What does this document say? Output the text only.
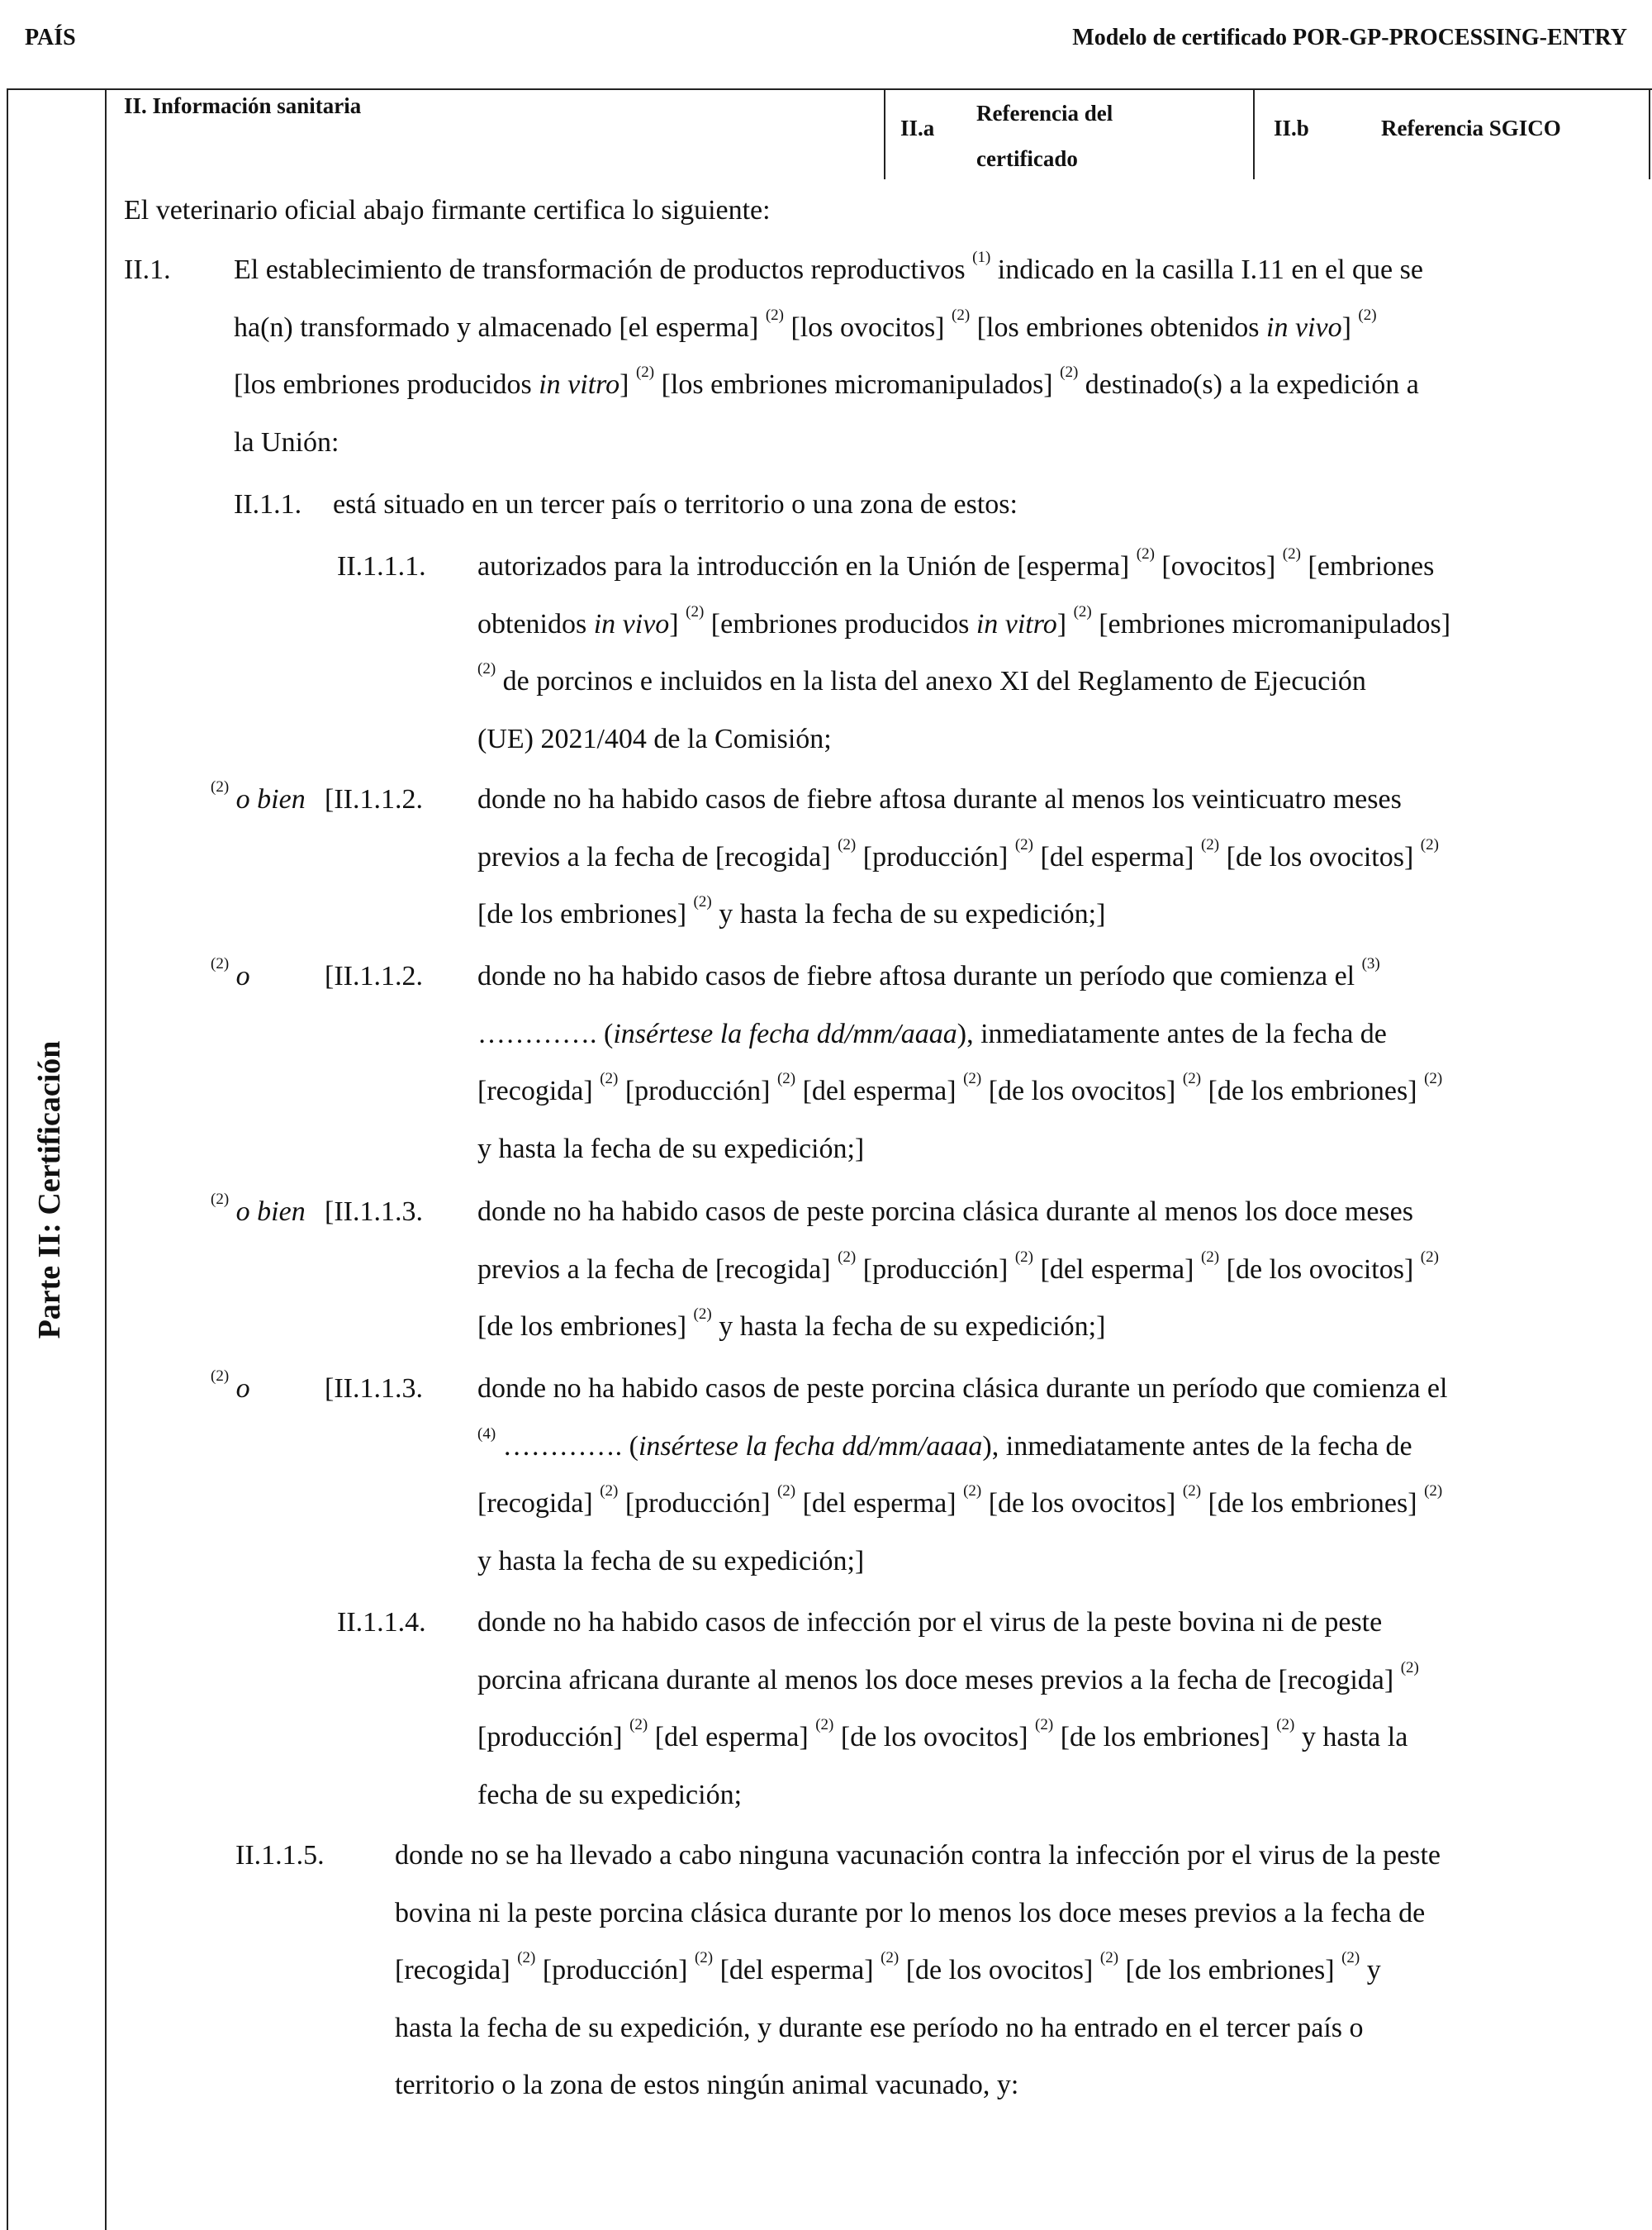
PAÍS	Modelo de certificado POR-GP-PROCESSING-ENTRY
Parte II: Certificación
II. Información sanitaria
II.a
Referencia del certificado
II.b	Referencia SGICO
El veterinario oficial abajo firmante certifica lo siguiente:
II.1. El establecimiento de transformación de productos reproductivos $^{(1)}$ indicado en la casilla I.11 en el que se
ha(n) transformado y almacenado [el esperma] $^{(2)}$ [los ovocitos] $^{(2)}$ [los embriones obtenidos in vivo] $^{(2)}$
[los embriones producidos in vitro] $^{(2)}$ [los embriones micromanipulados] $^{(2)}$ destinado(s) a la expedición a
la Unión:
II.1.1. está situado en un tercer país o territorio o una zona de estos:
II.1.1.1. autorizados para la introducción en la Unión de [esperma] $^{(2)}$ [ovocitos] $^{(2)}$ [embriones
obtenidos in vivo] $^{(2)}$ [embriones producidos in vitro] $^{(2)}$ [embriones micromanipulados]
$^{(2)}$ de porcinos e incluidos en la lista del anexo XI del Reglamento de Ejecución
(UE) 2021/404 de la Comisión;
$^{(2)}$ o bien [II.1.1.2. donde no ha habido casos de fiebre aftosa durante al menos los veinticuatro meses
previos a la fecha de [recogida] $^{(2)}$ [producción] $^{(2)}$ [del esperma] $^{(2)}$ [de los ovocitos] $^{(2)}$
[de los embriones] $^{(2)}$ y hasta la fecha de su expedición;]
$^{(2)}$ o	[II.1.1.2. donde no ha habido casos de fiebre aftosa durante un período que comienza el $^{(3)}$
…………. (insértese la fecha dd/mm/aaaa), inmediatamente antes de la fecha de
[recogida] $^{(2)}$ [producción] $^{(2)}$ [del esperma] $^{(2)}$ [de los ovocitos] $^{(2)}$ [de los embriones] $^{(2)}$
y hasta la fecha de su expedición;]
$^{(2)}$ o bien [II.1.1.3. donde no ha habido casos de peste porcina clásica durante al menos los doce meses
previos a la fecha de [recogida] $^{(2)}$ [producción] $^{(2)}$ [del esperma] $^{(2)}$ [de los ovocitos] $^{(2)}$
[de los embriones] $^{(2)}$ y hasta la fecha de su expedición;]
$^{(2)}$ o	[II.1.1.3. donde no ha habido casos de peste porcina clásica durante un período que comienza el
$^{(4)}$ …………. (insértese la fecha dd/mm/aaaa), inmediatamente antes de la fecha de
[recogida] $^{(2)}$ [producción] $^{(2)}$ [del esperma] $^{(2)}$ [de los ovocitos] $^{(2)}$ [de los embriones] $^{(2)}$
y hasta la fecha de su expedición;]
II.1.1.4. donde no ha habido casos de infección por el virus de la peste bovina ni de peste
porcina africana durante al menos los doce meses previos a la fecha de [recogida] $^{(2)}$
[producción] $^{(2)}$ [del esperma] $^{(2)}$ [de los ovocitos] $^{(2)}$ [de los embriones] $^{(2)}$ y hasta la
fecha de su expedición;
II.1.1.5.	donde no se ha llevado a cabo ninguna vacunación contra la infección por el virus de la peste
bovina ni la peste porcina clásica durante por lo menos los doce meses previos a la fecha de
[recogida] $^{(2)}$ [producción] $^{(2)}$ [del esperma] $^{(2)}$ [de los ovocitos] $^{(2)}$ [de los embriones] $^{(2)}$ y
hasta la fecha de su expedición, y durante ese período no ha entrado en el tercer país o
territorio o la zona de estos ningún animal vacunado, y:
